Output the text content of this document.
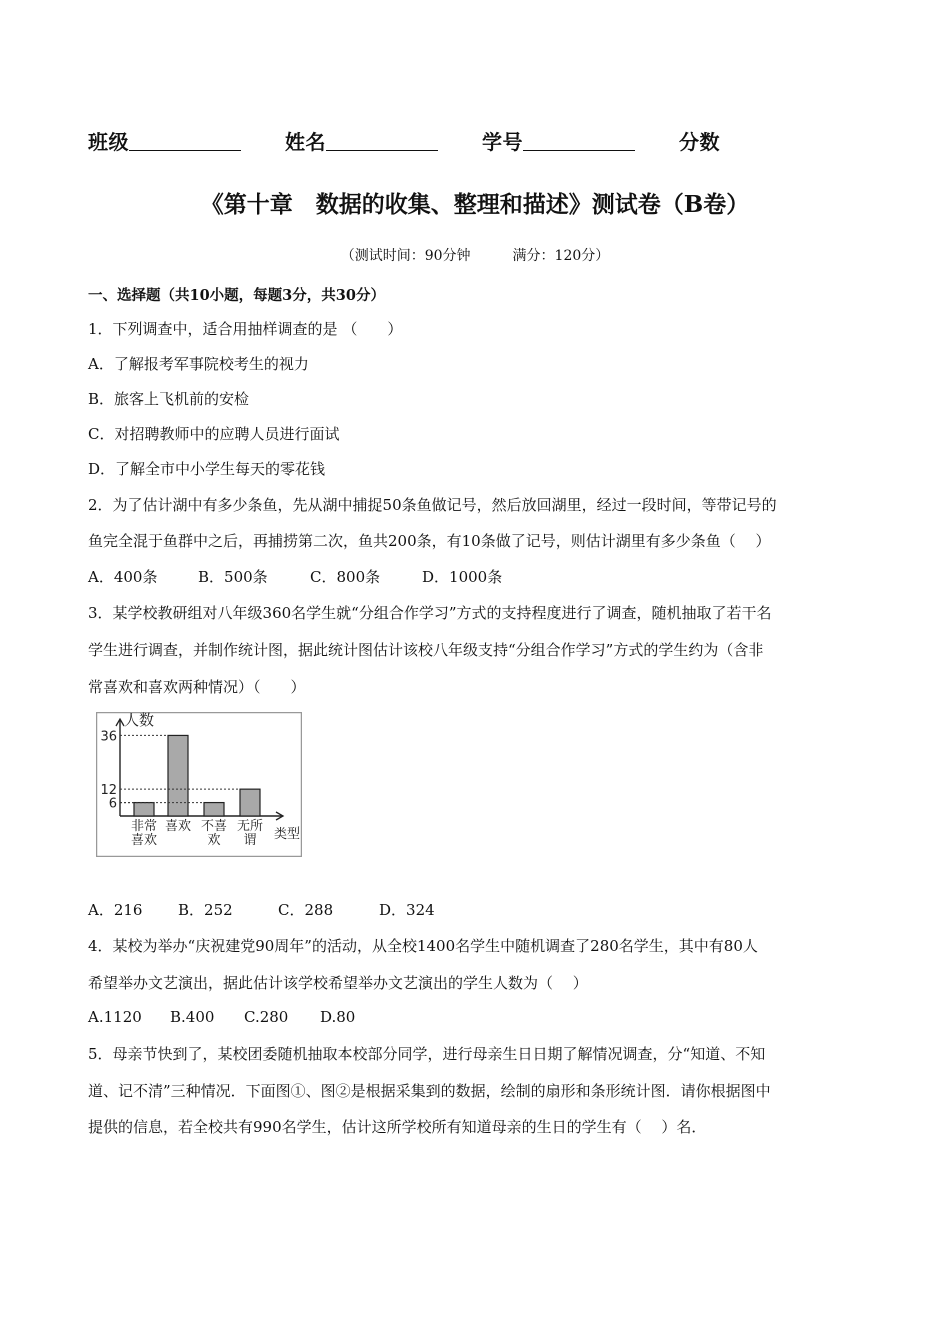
班级	姓名	学号	分数
《第十章　数据的收集、整理和描述》测试卷（B卷）
（测试时间：90分钟　　　满分：120分）
一、选择题（共10小题，每题3分，共30分）
1．下列调查中，适合用抽样调查的是 （　　）
A．了解报考军事院校考生的视力
B．旅客上飞机前的安检
C．对招聘教师中的应聘人员进行面试
D．了解全市中小学生每天的零花钱
2．为了估计湖中有多少条鱼，先从湖中捕捉50条鱼做记号，然后放回湖里，经过一段时间，等带记号的
鱼完全混于鱼群中之后，再捕捞第二次，鱼共200条，有10条做了记号，则估计湖里有多少条鱼（　 ）
A．400条	B．500条	C．800条	D．1000条
3．某学校教研组对八年级360名学生就“分组合作学习”方式的支持程度进行了调查，随机抽取了若干名
学生进行调查，并制作统计图，据此统计图估计该校八年级支持“分组合作学习”方式的学生约为（含非
常喜欢和喜欢两种情况）（　　）
人数
类型
非常
喜欢
喜欢 不喜
欢
无所
谓
6
12
36
A．216 B．252	C．288	D．324
4．某校为举办“庆祝建党90周年”的活动，从全校1400名学生中随机调查了280名学生，其中有80人
希望举办文艺演出，据此估计该学校希望举办文艺演出的学生人数为（　 ）
A.1120 B.400 C.280 D.80
5．母亲节快到了，某校团委随机抽取本校部分同学，进行母亲生日日期了解情况调查，分“知道、不知
道、记不清”三种情况．下面图①、图②是根据采集到的数据，绘制的扇形和条形统计图．请你根据图中
提供的信息，若全校共有990名学生，估计这所学校所有知道母亲的生日的学生有（　 ）名．
